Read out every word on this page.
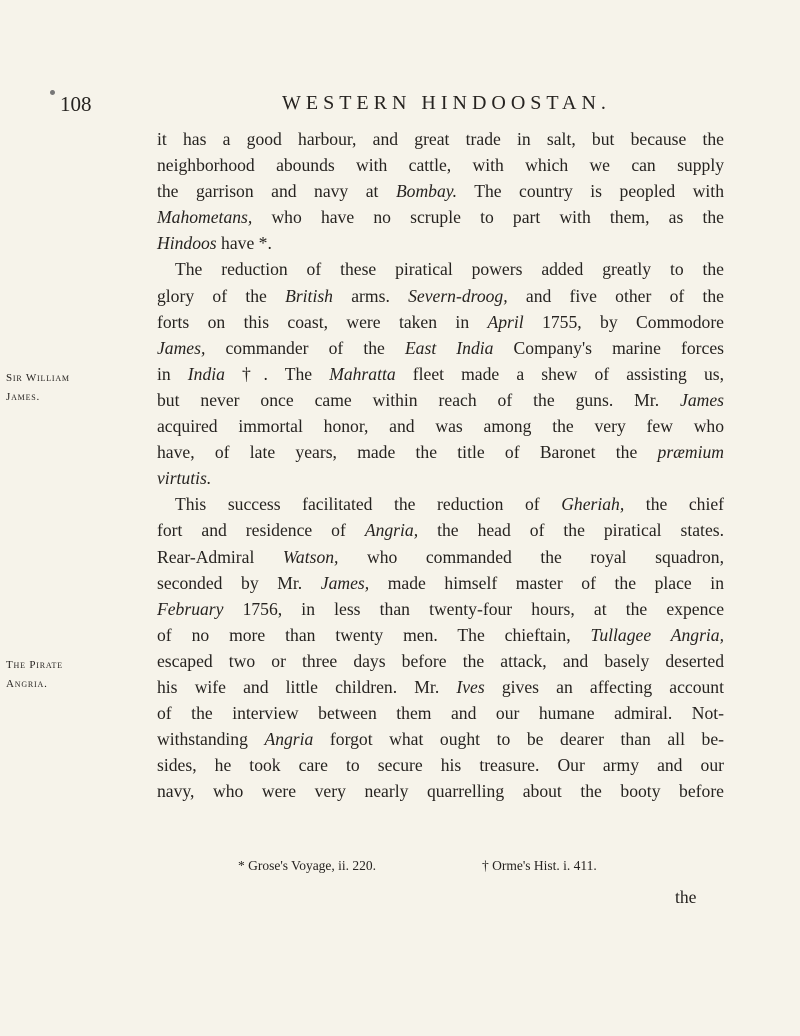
108	WESTERN HINDOOSTAN.
Sir William
James.
The Pirate
Angria.
it has a good harbour, and great trade in salt, but because the
neighborhood abounds with cattle, with which we can supply
the garrison and navy at Bombay. The country is peopled with
Mahometans, who have no scruple to part with them, as the
Hindoos have *.
The reduction of these piratical powers added greatly to the
glory of the British arms. Severn-droog, and five other of the
forts on this coast, were taken in April 1755, by Commodore
James, commander of the East India Company's marine forces
in India †. The Mahratta fleet made a shew of assisting us,
but never once came within reach of the guns. Mr. James
acquired immortal honor, and was among the very few who
have, of late years, made the title of Baronet the præmium
virtutis.
This success facilitated the reduction of Gheriah, the chief
fort and residence of Angria, the head of the piratical states.
Rear-Admiral Watson, who commanded the royal squadron,
seconded by Mr. James, made himself master of the place in
February 1756, in less than twenty-four hours, at the expence
of no more than twenty men. The chieftain, Tullagee Angria,
escaped two or three days before the attack, and basely deserted
his wife and little children. Mr. Ives gives an affecting account
of the interview between them and our humane admiral. Not-
withstanding Angria forgot what ought to be dearer than all be-
sides, he took care to secure his treasure. Our army and our
navy, who were very nearly quarrelling about the booty before
* Grose's Voyage, ii. 220.	† Orme's Hist. i. 411.
the
